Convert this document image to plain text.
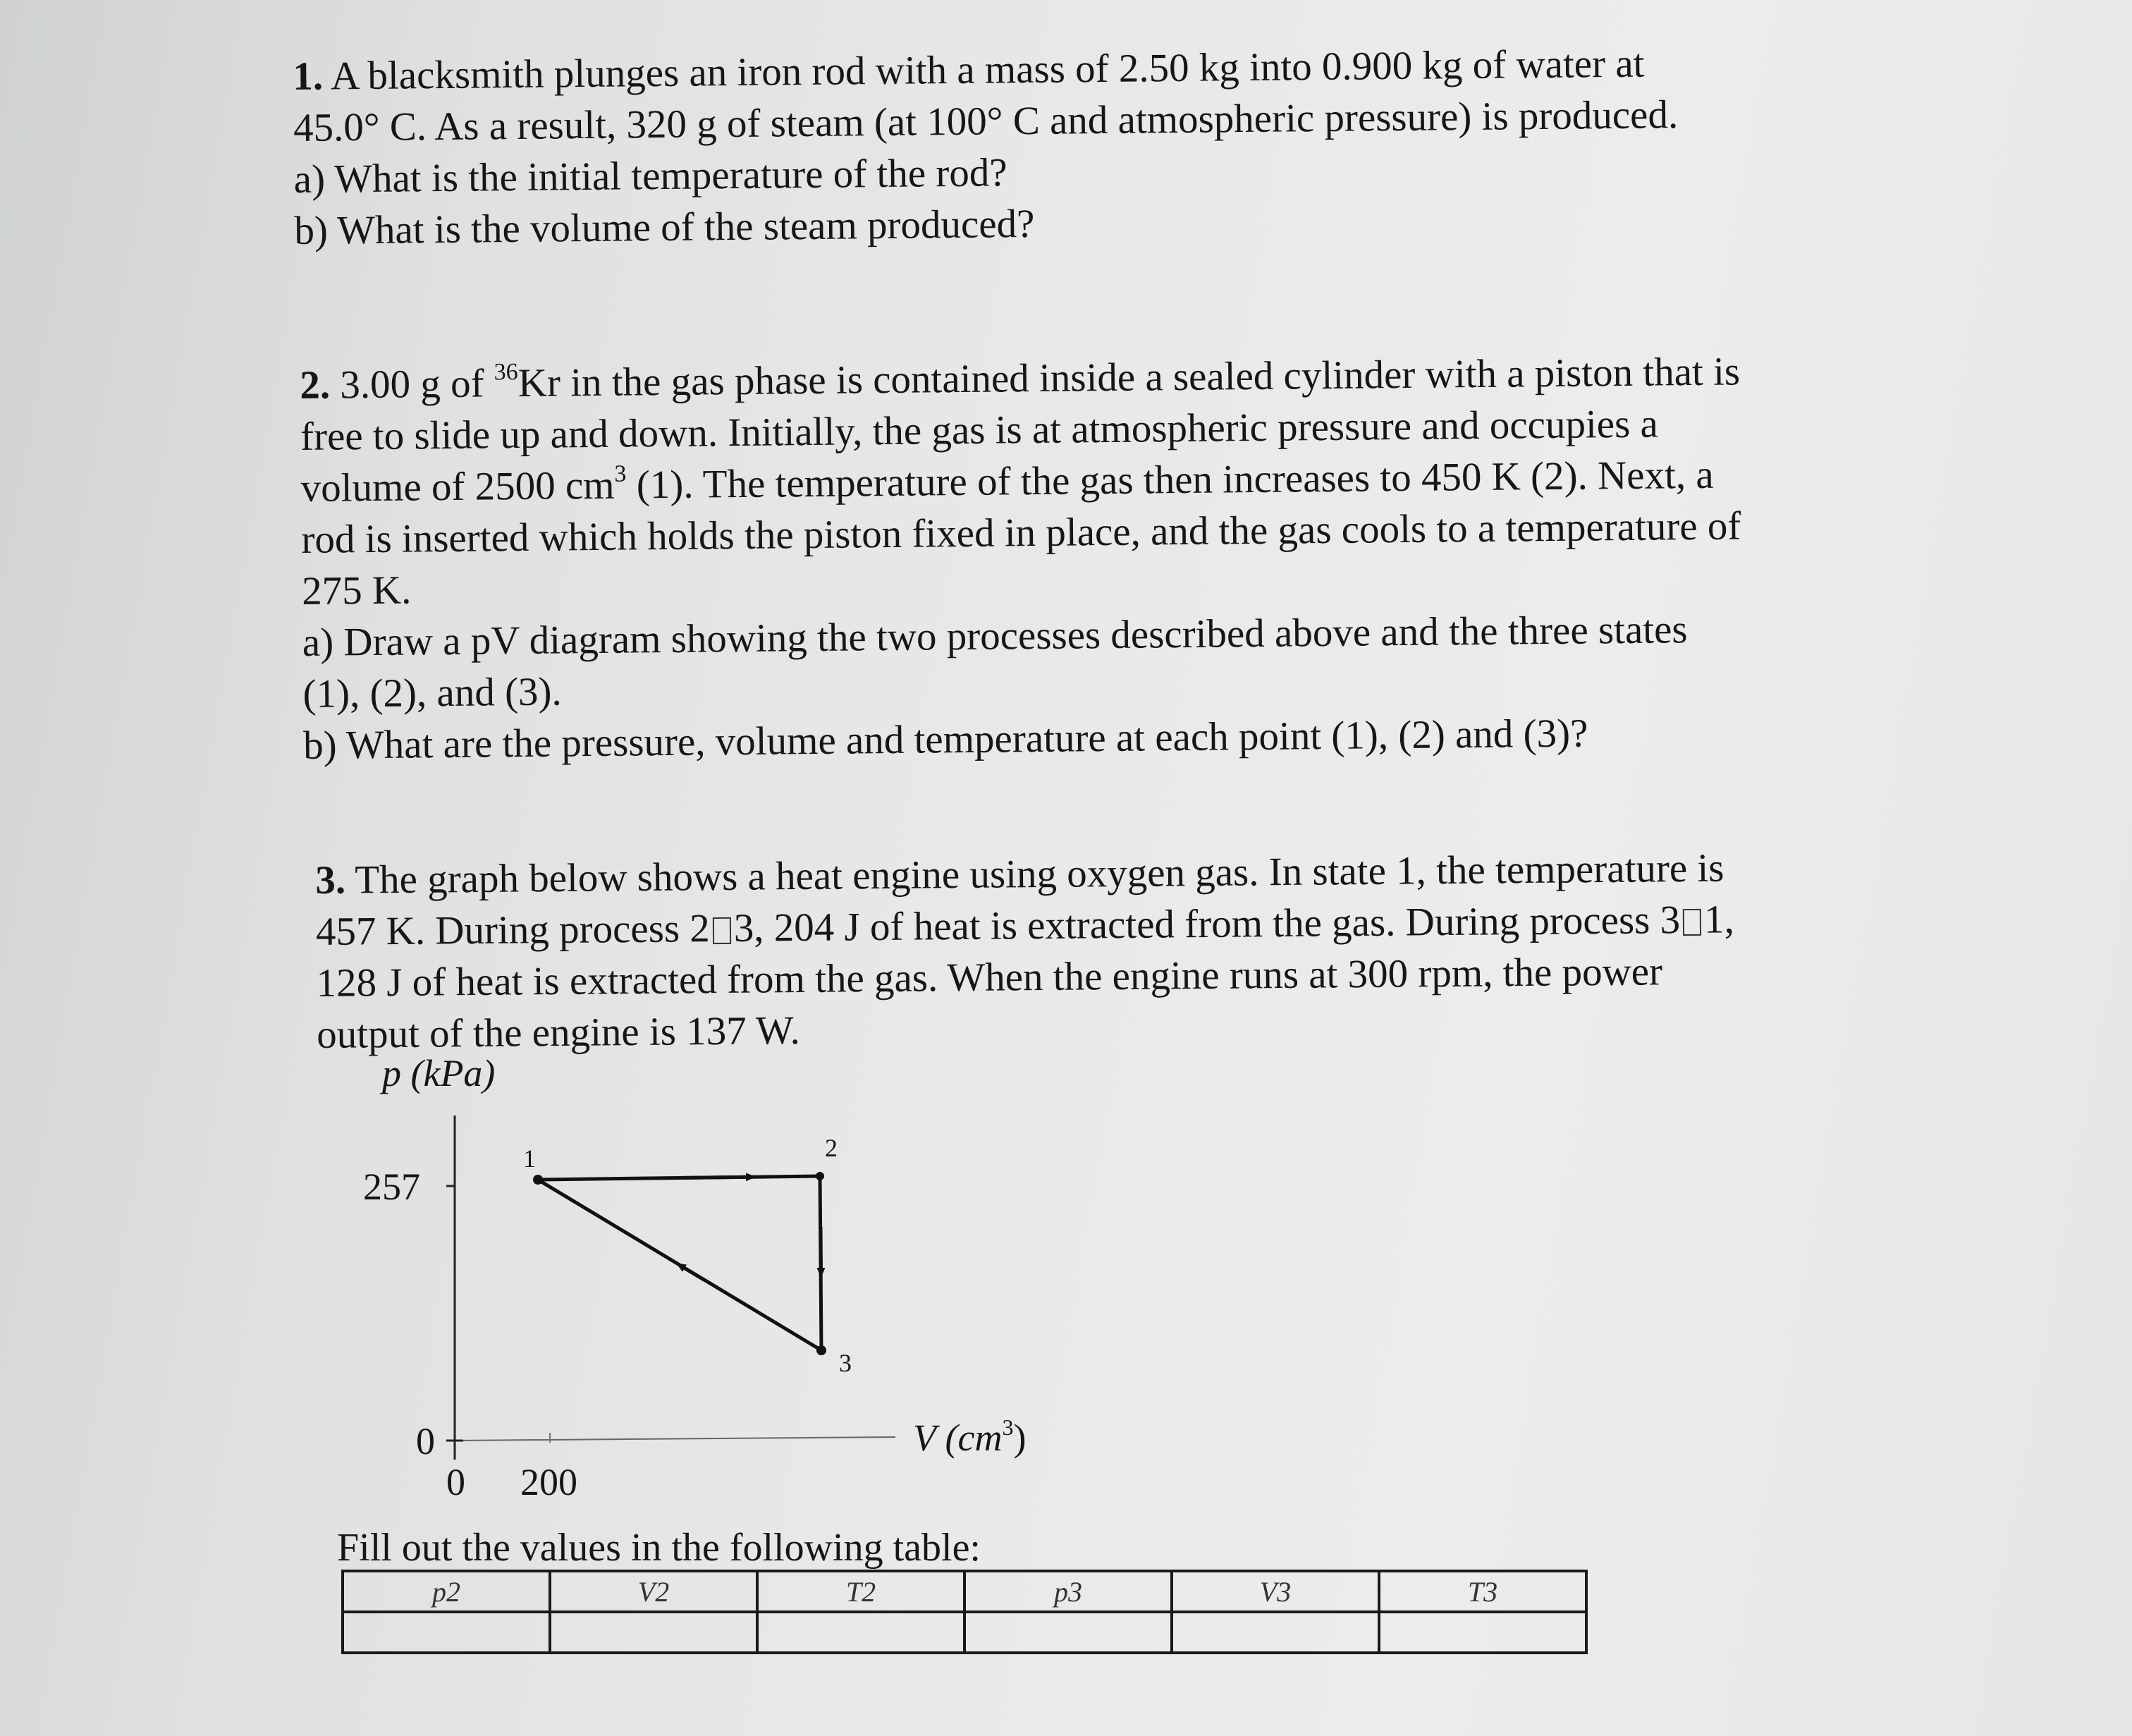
1. A blacksmith plunges an iron rod with a mass of 2.50 kg into 0.900 kg of water at

45.0° C. As a result, 320 g of steam (at 100° C and atmospheric pressure) is produced.

a) What is the initial temperature of the rod?

b) What is the volume of the steam produced?

2. 3.00 g of $^{36}$Kr in the gas phase is contained inside a sealed cylinder with a piston that is

free to slide up and down. Initially, the gas is at atmospheric pressure and occupies a

volume of 2500 $cm^3$ (1). The temperature of the gas then increases to 450 K (2). Next, a

rod is inserted which holds the piston fixed in place, and the gas cools to a temperature of

275 K.

a) Draw a pV diagram showing the two processes described above and the three states

(1), (2), and (3).

b) What are the pressure, volume and temperature at each point (1), (2) and (3)?

3. The graph below shows a heat engine using oxygen gas. In state 1, the temperature is

457 K. During process 2 3, 204 J of heat is extracted from the gas. During process 3 1,

128 J of heat is extracted from the gas. When the engine runs at 300 rpm, the power

output of the engine is 137 W.

p (kPa)
257
0
0 200
V $(cm^3)$
1	2
3
Fill out the values in the following table:
p2	V2	T2	p3	V3	T3
